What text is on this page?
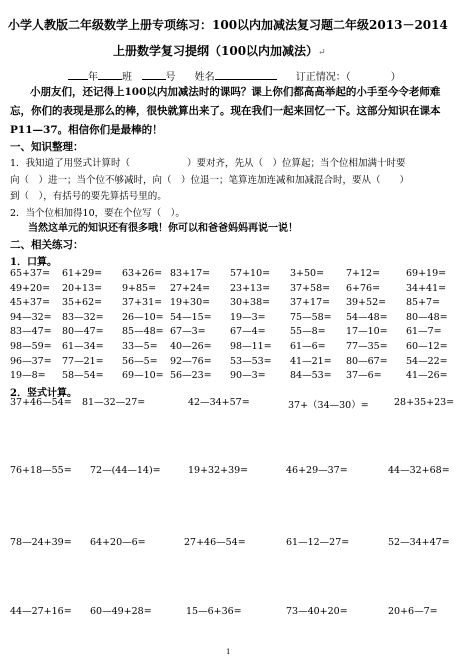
小学人教版二年级数学上册专项练习：100以内加减法复习题二年级2013－2014
上册数学复习提纲（100以内加减法）↵
年 班	号 姓名	订正情况：（	）
小朋友们，还记得上100以内加减法时的课吗？课上你们都高高举起的小手至今令老师难忘，你们的表现是那么的棒，很快就算出来了。现在我们一起来回忆一下。这部分知识在课本P11—37。相信你们是最棒的！
一、知识整理：
1．我知道了用竖式计算时（　　　　　　）要对齐，先从（　）位算起；当个位相加满十时要
向（　）进一；当个位不够减时，向（　）位退一；笔算连加连减和加减混合时，要从（　　）
到（　），有括号的要先算括号里的。
2．当个位相加得10，要在个位写（　）。
当然这单元的知识还有很多哦！你可以和爸爸妈妈再说一说！
二、相关练习：
1．口算。
65+37= 61+29= 63+26= 83+17= 57+10= 3+50= 7+12=	69+19=
49+20= 20+13= 9+85= 27+24= 23+13= 37+58= 6+76=	34+41=
45+37= 35+62= 37+31= 19+30= 30+38= 37+17= 39+52= 85+7=
94—32= 83—32= 26—10= 54—15= 19—3=	75—58= 54—48= 80—48=
83—47= 80—47= 85—48= 67—3=	67—4=	55—8= 17—10= 61—7=
98—59= 61—34= 33—5= 40—26= 98—11= 61—6= 77—35= 60—12=
96—37= 77—21= 56—5= 92—76= 53—53= 41—21= 80—67= 54—22=
19—8= 58—54= 69—10= 56—23= 90—3=	84—53= 37—6=	41—26=
2．竖式计算。
37+46—54= 81—32—27=	42—34+57=	37+（34—30）=	28+35+23=
76+18—55= 72—(44—14)=	19+32+39=	46+29—37=	44—32+68=
78—24+39= 64+20—6=	27+46—54=	61—12—27=	52—34+47=
44—27+16= 60—49+28=	15—6+36=	73—40+20=	20+6—7=
1
